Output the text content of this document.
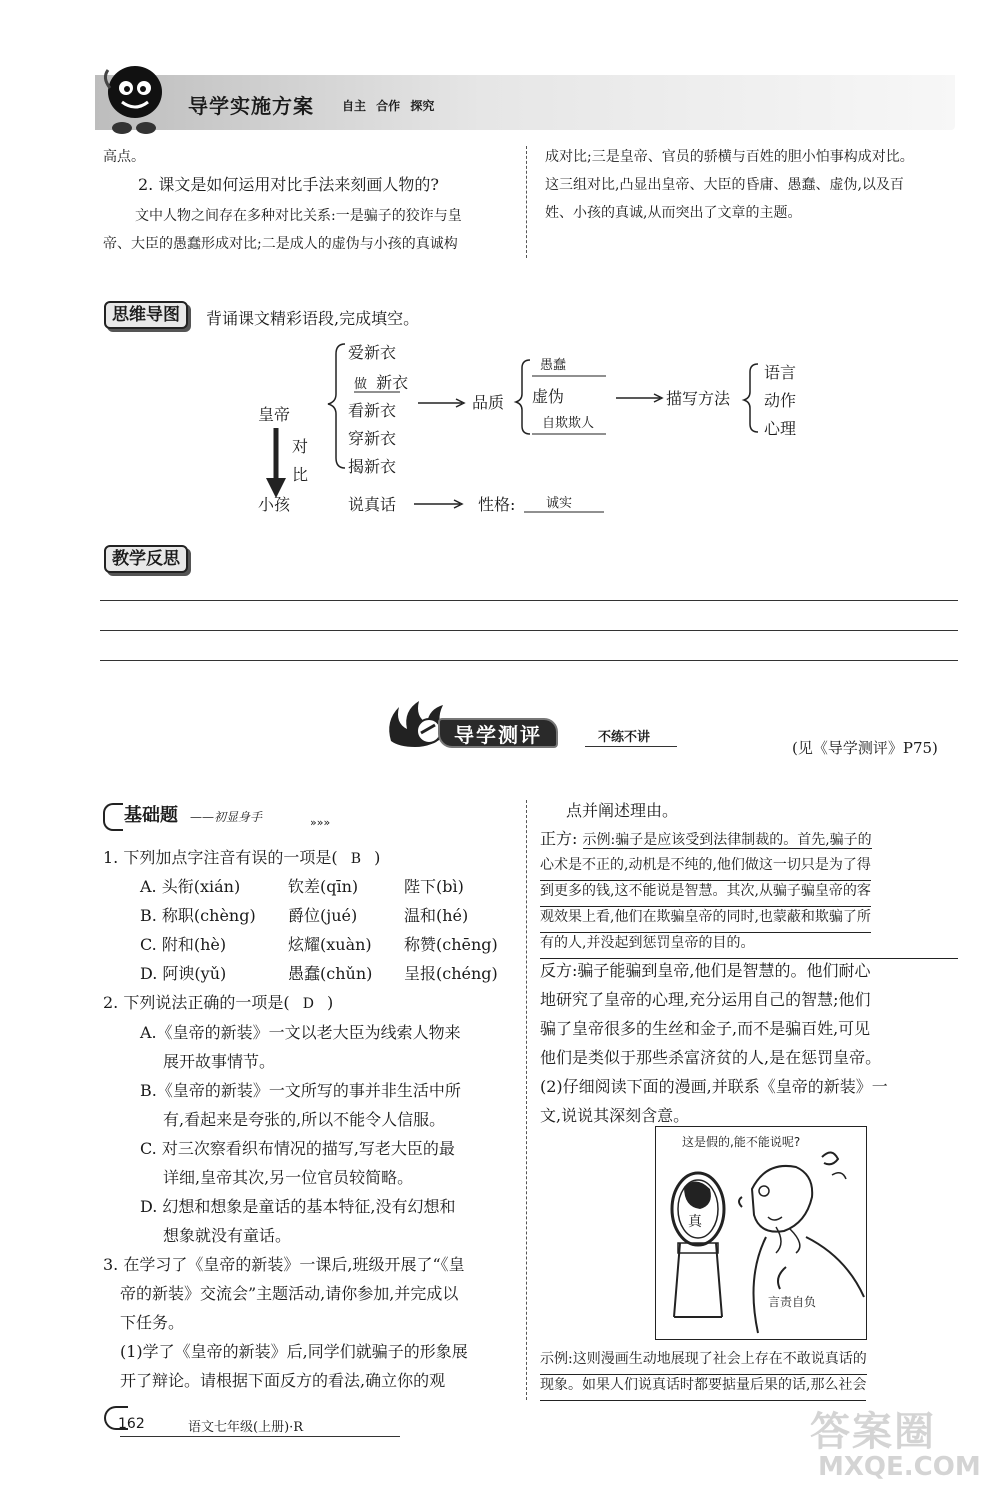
导学实施方案 自主 合作 探究
高点。
2. 课文是如何运用对比手法来刻画人物的?
文中人物之间存在多种对比关系:一是骗子的狡诈与皇
帝、大臣的愚蠢形成对比;二是成人的虚伪与小孩的真诚构
成对比;三是皇帝、官员的骄横与百姓的胆小怕事构成对比。
这三组对比,凸显出皇帝、大臣的昏庸、愚蠢、虚伪,以及百
姓、小孩的真诚,从而突出了文章的主题。
思维导图	背诵课文精彩语段,完成填空。
皇帝
对
比
小孩
爱新衣
做 新衣
看新衣
穿新衣
揭新衣
品质
愚蠢
虚伪
自欺欺人
描写方法
语言
动作
心理
说真话	性格: 诚实
教学反思
导学测评	不练不讲
(见《导学测评》P75)
基础题 ——初显身手	»»»
1. 下列加点字注音有误的一项是( B )
A. 头衔(xián)	钦差(qīn)	陛下(bì)
B. 称职(chèng) 爵位(jué)	温和(hé)
C. 附和(hè)	炫耀(xuàn) 称赞(chēng)
D. 阿谀(yǔ)	愚蠢(chǔn) 呈报(chéng)
2. 下列说法正确的一项是( D )
A.《皇帝的新装》一文以老大臣为线索人物来
展开故事情节。
B.《皇帝的新装》一文所写的事并非生活中所
有,看起来是夸张的,所以不能令人信服。
C. 对三次察看织布情况的描写,写老大臣的最
详细,皇帝其次,另一位官员较简略。
D. 幻想和想象是童话的基本特征,没有幻想和
想象就没有童话。
3. 在学习了《皇帝的新装》一课后,班级开展了“《皇
帝的新装》交流会”主题活动,请你参加,并完成以
下任务。
(1)学了《皇帝的新装》后,同学们就骗子的形象展
开了辩论。请根据下面反方的看法,确立你的观
点并阐述理由。
正方: 示例:骗子是应该受到法律制裁的。首先,骗子的
心术是不正的,动机是不纯的,他们做这一切只是为了得
到更多的钱,这不能说是智慧。其次,从骗子骗皇帝的客
观效果上看,他们在欺骗皇帝的同时,也蒙蔽和欺骗了所
有的人,并没起到惩罚皇帝的目的。
反方:骗子能骗到皇帝,他们是智慧的。他们耐心
地研究了皇帝的心理,充分运用自己的智慧;他们
骗了皇帝很多的生丝和金子,而不是骗百姓,可见
他们是类似于那些杀富济贫的人,是在惩罚皇帝。
(2)仔细阅读下面的漫画,并联系《皇帝的新装》一
文,说说其深刻含意。
这是假的,能不能说呢?
真
言责自负
示例:这则漫画生动地展现了社会上存在不敢说真话的
现象。如果人们说真话时都要掂量后果的话,那么社会
162	语文七年级(上册)·R	答案圈
MXQE.COM
